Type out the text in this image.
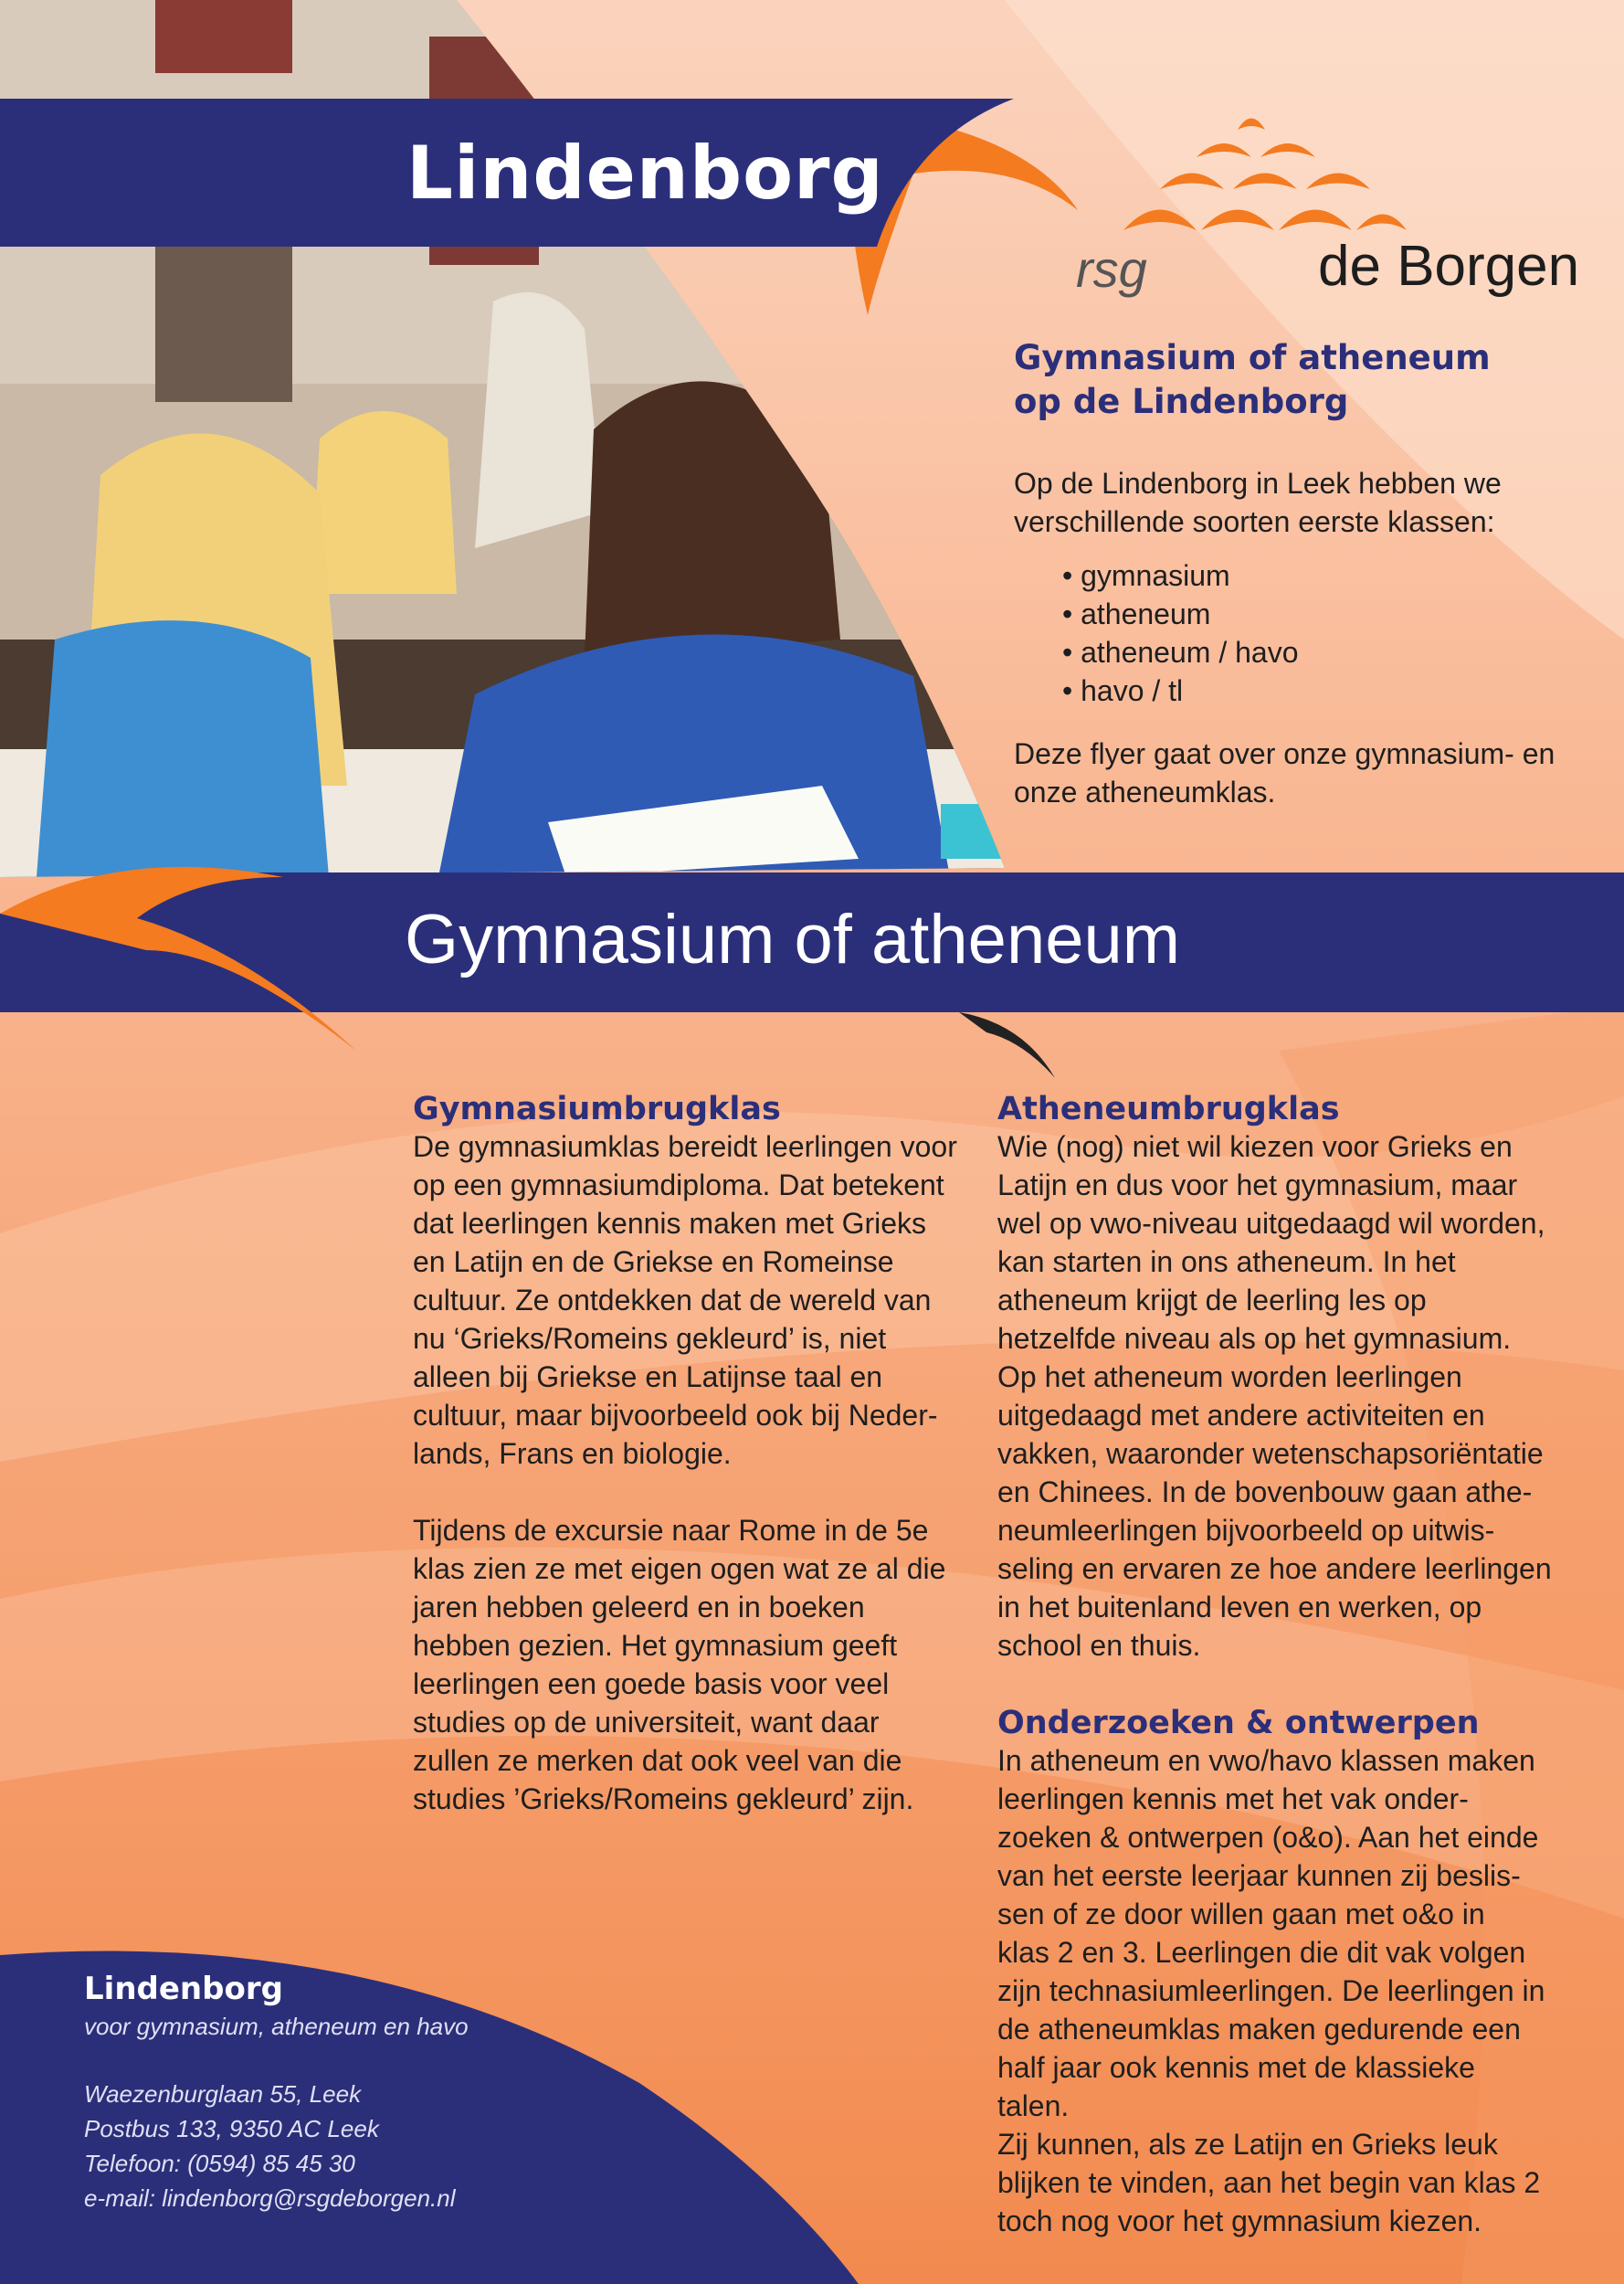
Lindenborg
rsg	de Borgen
Gymnasium of atheneum
op de Lindenborg
Op de Lindenborg in Leek hebben we
verschillende soorten eerste klassen:
• gymnasium
• atheneum
• atheneum / havo
• havo / tl
Deze flyer gaat over onze gymnasium- en
onze atheneumklas.
Gymnasium of atheneum
Gymnasiumbrugklas

De gymnasiumklas bereidt leerlingen voor

op een gymnasiumdiploma. Dat betekent

dat leerlingen kennis maken met Grieks

en Latijn en de Griekse en Romeinse

cultuur. Ze ontdekken dat de wereld van

nu ‘Grieks/Romeins gekleurd’ is, niet

alleen bij Griekse en Latijnse taal en

cultuur, maar bijvoorbeeld ook bij Neder-

lands, Frans en biologie.

Tijdens de excursie naar Rome in de 5e

klas zien ze met eigen ogen wat ze al die

jaren hebben geleerd en in boeken

hebben gezien. Het gymnasium geeft

leerlingen een goede basis voor veel

studies op de universiteit, want daar

zullen ze merken dat ook veel van die

studies ’Grieks/Romeins gekleurd’ zijn.

Atheneumbrugklas

Wie (nog) niet wil kiezen voor Grieks en

Latijn en dus voor het gymnasium, maar

wel op vwo-niveau uitgedaagd wil worden,

kan starten in ons atheneum. In het

atheneum krijgt de leerling les op

hetzelfde niveau als op het gymnasium.

Op het atheneum worden leerlingen

uitgedaagd met andere activiteiten en

vakken, waaronder wetenschapsoriëntatie

en Chinees. In de bovenbouw gaan athe-

neumleerlingen bijvoorbeeld op uitwis-

seling en ervaren ze hoe andere leerlingen

in het buitenland leven en werken, op

school en thuis.

Onderzoeken & ontwerpen

In atheneum en vwo/havo klassen maken

leerlingen kennis met het vak onder-

zoeken & ontwerpen (o&o). Aan het einde

van het eerste leerjaar kunnen zij beslis-

sen of ze door willen gaan met o&o in

klas 2 en 3. Leerlingen die dit vak volgen

zijn technasiumleerlingen. De leerlingen in

de atheneumklas maken gedurende een

half jaar ook kennis met de klassieke talen.

Zij kunnen, als ze Latijn en Grieks leuk

blijken te vinden, aan het begin van klas 2

toch nog voor het gymnasium kiezen.

Lindenborg
voor gymnasium, atheneum en havo
Waezenburglaan 55, Leek
Postbus 133, 9350 AC Leek
Telefoon: (0594) 85 45 30
e-mail: lindenborg@rsgdeborgen.nl
